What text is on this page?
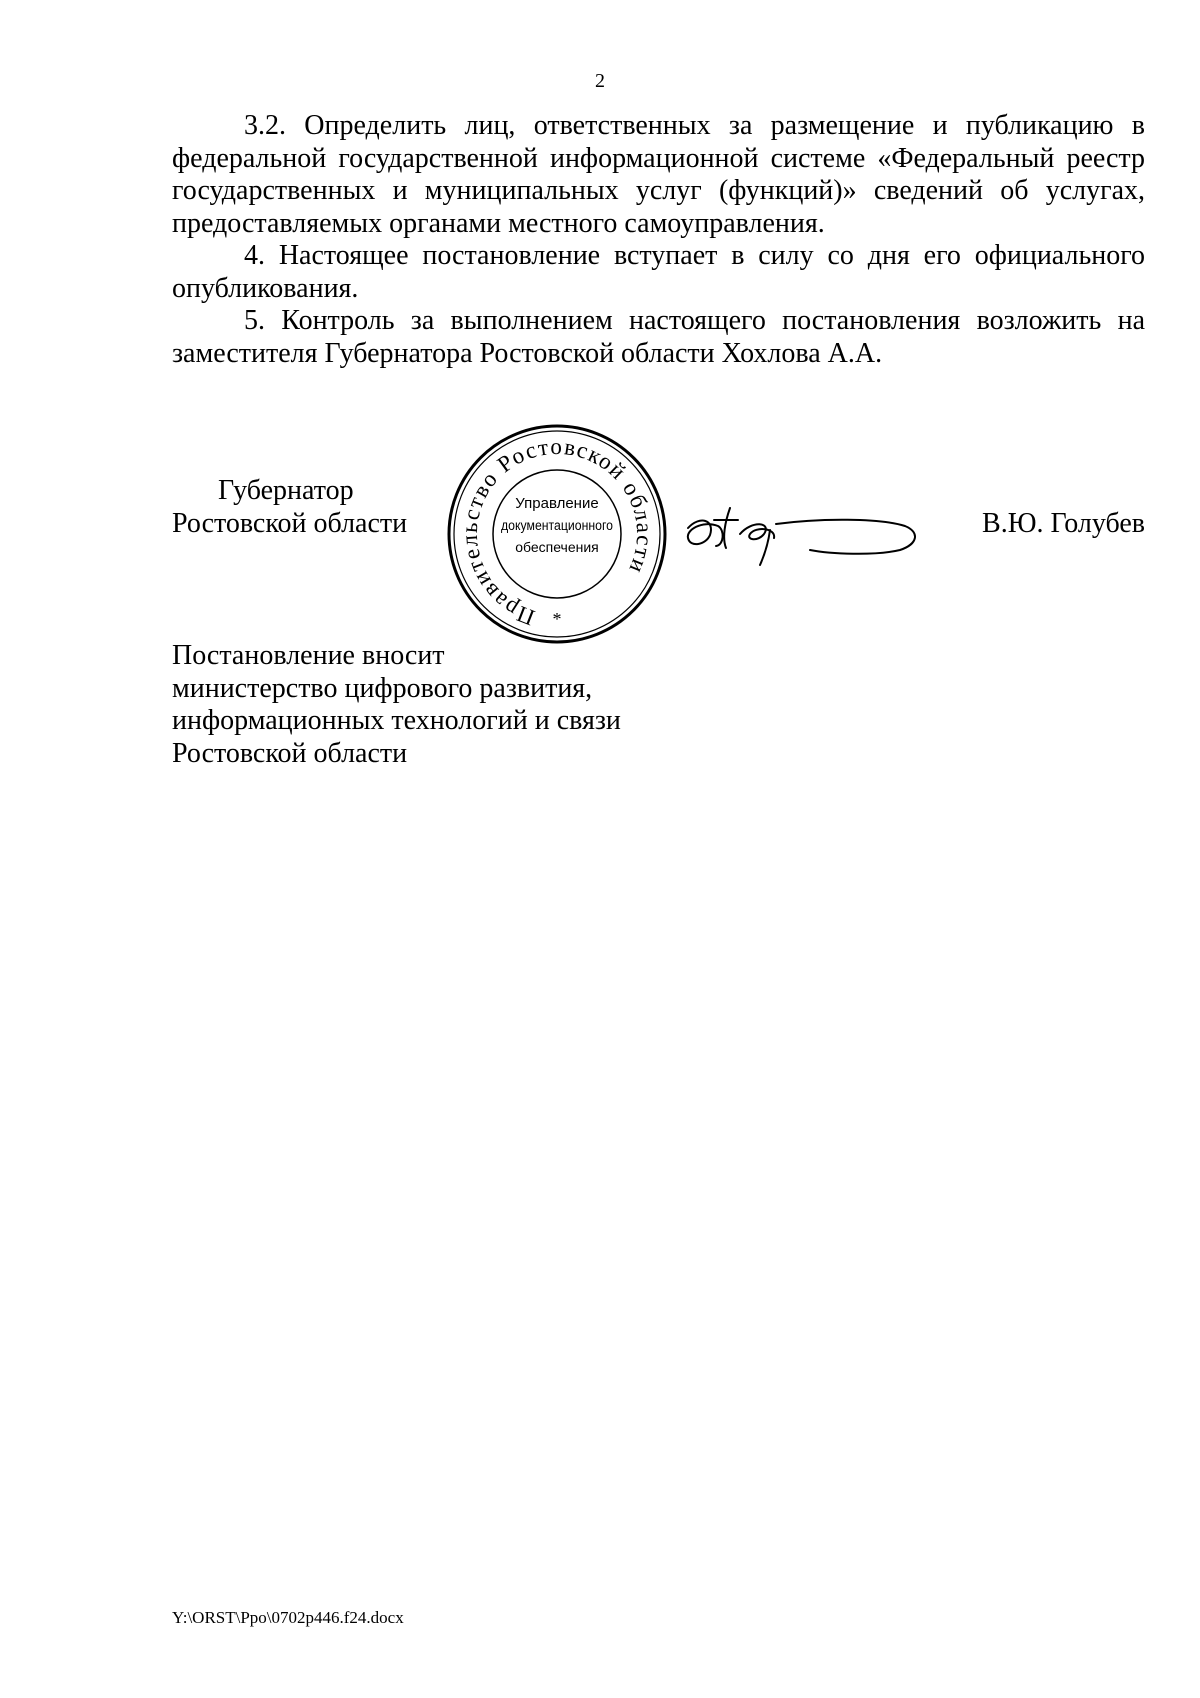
2

3.2. Определить лиц, ответственных за размещение и публикацию в федеральной государственной информационной системе «Федеральный реестр государственных и муниципальных услуг (функций)» сведений об услугах, предоставляемых органами местного самоуправления.

4. Настоящее постановление вступает в силу со дня его официального опубликования.

5. Контроль за выполнением настоящего постановления возложить на заместителя Губернатора Ростовской области Хохлова А.А.

Губернатор
Ростовской области
Правительство Ростовской области
Управление
документационного
обеспечения
*
В.Ю. Голубев
Постановление вносит
министерство цифрового развития,
информационных технологий и связи
Ростовской области
Y:\ORST\Ppo\0702p446.f24.docx
